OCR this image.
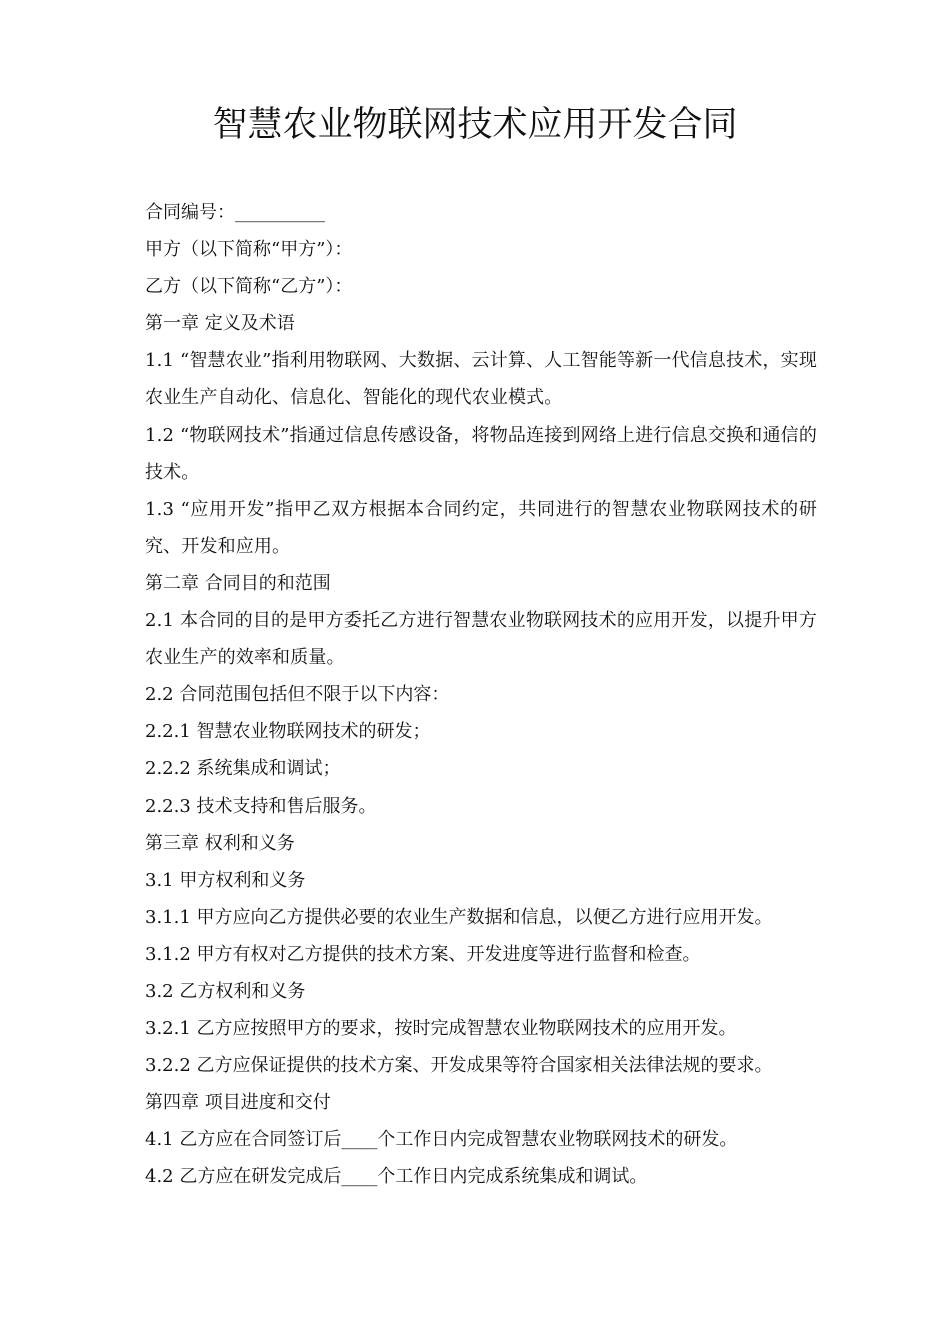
智慧农业物联网技术应用开发合同

合同编号：__________

甲方（以下简称“甲方”）：

乙方（以下简称“乙方”）：

第一章 定义及术语

1.1 “智慧农业”指利用物联网、大数据、云计算、人工智能等新一代信息技术，实现农业生产自动化、信息化、智能化的现代农业模式。

1.2 “物联网技术”指通过信息传感设备，将物品连接到网络上进行信息交换和通信的技术。

1.3 “应用开发”指甲乙双方根据本合同约定，共同进行的智慧农业物联网技术的研究、开发和应用。

第二章 合同目的和范围

2.1 本合同的目的是甲方委托乙方进行智慧农业物联网技术的应用开发，以提升甲方农业生产的效率和质量。

2.2 合同范围包括但不限于以下内容：

2.2.1 智慧农业物联网技术的研发；

2.2.2 系统集成和调试；

2.2.3 技术支持和售后服务。

第三章 权利和义务

3.1 甲方权利和义务

3.1.1 甲方应向乙方提供必要的农业生产数据和信息，以便乙方进行应用开发。

3.1.2 甲方有权对乙方提供的技术方案、开发进度等进行监督和检查。

3.2 乙方权利和义务

3.2.1 乙方应按照甲方的要求，按时完成智慧农业物联网技术的应用开发。

3.2.2 乙方应保证提供的技术方案、开发成果等符合国家相关法律法规的要求。

第四章 项目进度和交付

4.1 乙方应在合同签订后____个工作日内完成智慧农业物联网技术的研发。

4.2 乙方应在研发完成后____个工作日内完成系统集成和调试。
